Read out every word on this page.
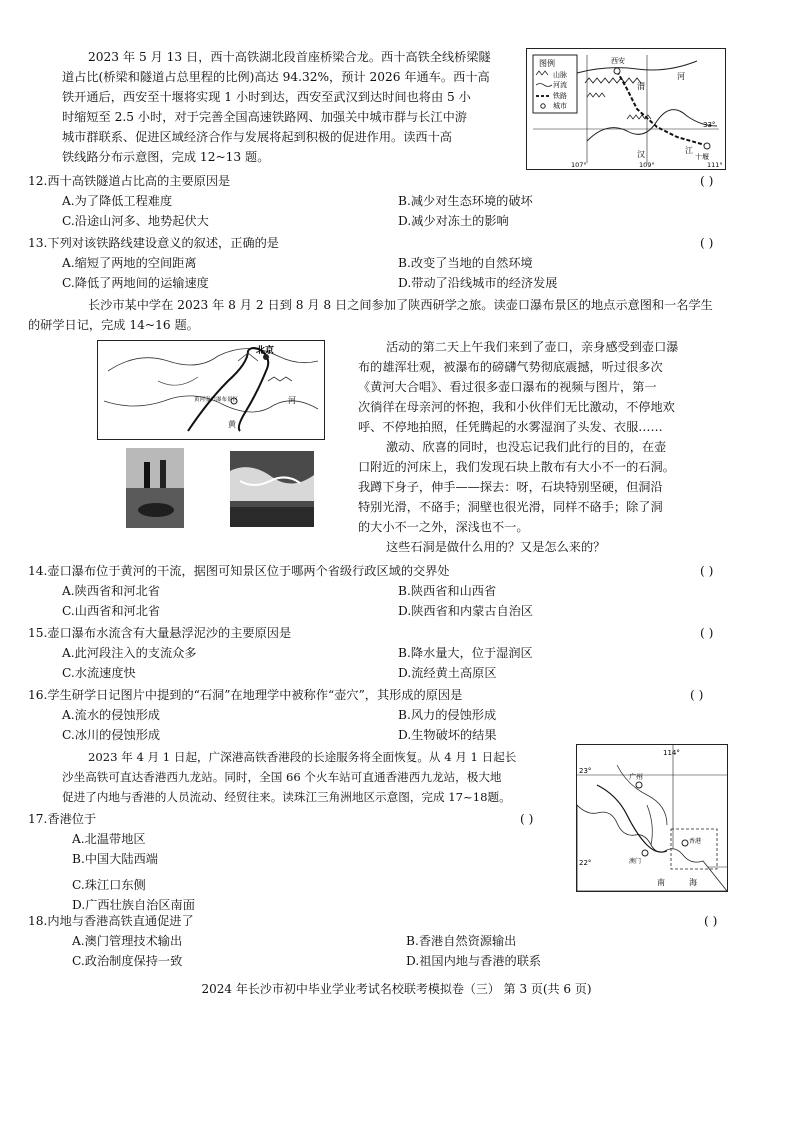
2023 年 5 月 13 日，西十高铁湖北段首座桥梁合龙。西十高铁全线桥梁隧
道占比(桥梁和隧道占总里程的比例)高达 94.32%，预计 2026 年通车。西十高
铁开通后，西安至十堰将实现 1 小时到达，西安至武汉到达时间也将由 5 小
时缩短至 2.5 小时，对于完善全国高速铁路网、加强关中城市群与长江中游
城市群联系、促进区域经济合作与发展将起到积极的促进作用。读西十高
铁线路分布示意图，完成 12~13 题。
图例
山脉
河流
铁路
城市
西安
渭
河
汉	江
十堰
33°
107°	109°	111°
12.西十高铁隧道占比高的主要原因是	( )
A.为了降低工程难度	B.减少对生态环境的破坏
C.沿途山河多、地势起伏大	D.减少对冻土的影响
13.下列对该铁路线建设意义的叙述，正确的是	( )
A.缩短了两地的空间距离	B.改变了当地的自然环境
C.降低了两地间的运输速度	D.带动了沿线城市的经济发展
长沙市某中学在 2023 年 8 月 2 日到 8 月 8 日之间参加了陕西研学之旅。读壶口瀑布景区的地点示意图和一名学生
的研学日记，完成 14~16 题。
北京
黄河壶口瀑布景区	河
黄
活动的第二天上午我们来到了壶口，亲身感受到壶口瀑
布的雄浑壮观，被瀑布的磅礴气势彻底震撼，听过很多次
《黄河大合唱》、看过很多壶口瀑布的视频与图片，第一
次徜徉在母亲河的怀抱，我和小伙伴们无比激动，不停地欢
呼、不停地拍照，任凭腾起的水雾湿润了头发、衣服……
激动、欣喜的同时，也没忘记我们此行的目的，在壶
口附近的河床上，我们发现石块上散布有大小不一的石洞。
我蹲下身子，伸手——探去：呀，石块特别坚硬，但洞沿
特别光滑，不硌手；洞壁也很光滑，同样不硌手；除了洞
的大小不一之外，深浅也不一。
这些石洞是做什么用的？又是怎么来的？
14.壶口瀑布位于黄河的干流，据图可知景区位于哪两个省级行政区域的交界处	( )
A.陕西省和河北省	B.陕西省和山西省
C.山西省和河北省	D.陕西省和内蒙古自治区
15.壶口瀑布水流含有大量悬浮泥沙的主要原因是	( )
A.此河段注入的支流众多	B.降水量大，位于湿润区
C.水流速度快	D.流经黄土高原区
16.学生研学日记图片中提到的“石洞”在地理学中被称作“壶穴”，其形成的原因是	( )
A.流水的侵蚀形成	B.风力的侵蚀形成
C.冰川的侵蚀形成	D.生物破坏的结果
2023 年 4 月 1 日起，广深港高铁香港段的长途服务将全面恢复。从 4 月 1 日起长
沙坐高铁可直达香港西九龙站。同时，全国 66 个火车站可直通香港西九龙站，极大地
促进了内地与香港的人员流动、经贸往来。读珠江三角洲地区示意图，完成 17~18题。
114°
23°
22°
广州
南	海
澳门
香港
17.香港位于	( )
A.北温带地区
B.中国大陆西端
C.珠江口东侧
D.广西壮族自治区南面
18.内地与香港高铁直通促进了	( )
A.澳门管理技术输出	B.香港自然资源输出
C.政治制度保持一致	D.祖国内地与香港的联系
2024 年长沙市初中毕业学业考试名校联考模拟卷（三） 第 3 页(共 6 页)
